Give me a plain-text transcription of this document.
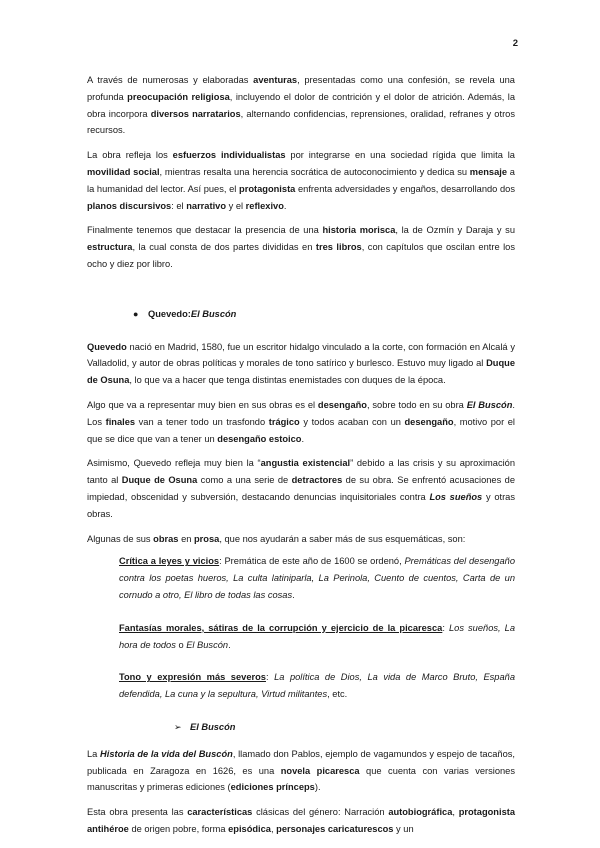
2

A través de numerosas y elaboradas aventuras, presentadas como una confesión, se revela una profunda preocupación religiosa, incluyendo el dolor de contrición y el dolor de atrición. Además, la obra incorpora diversos narratarios, alternando confidencias, reprensiones, oralidad, refranes y otros recursos.

La obra refleja los esfuerzos individualistas por integrarse en una sociedad rígida que limita la movilidad social, mientras resalta una herencia socrática de autoconocimiento y dedica su mensaje a la humanidad del lector. Así pues, el protagonista enfrenta adversidades y engaños, desarrollando dos planos discursivos: el narrativo y el reflexivo.

Finalmente tenemos que destacar la presencia de una historia morisca, la de Ozmín y Daraja y su estructura, la cual consta de dos partes divididas en tres libros, con capítulos que oscilan entre los ocho y diez por libro.

●	Quevedo: El Buscón

Quevedo nació en Madrid, 1580, fue un escritor hidalgo vinculado a la corte, con formación en Alcalá y Valladolid, y autor de obras políticas y morales de tono satírico y burlesco. Estuvo muy ligado al Duque de Osuna, lo que va a hacer que tenga distintas enemistades con duques de la época.

Algo que va a representar muy bien en sus obras es el desengaño, sobre todo en su obra El Buscón. Los finales van a tener todo un trasfondo trágico y todos acaban con un desengaño, motivo por el que se dice que van a tener un desengaño estoico.

Asimismo, Quevedo refleja muy bien la “angustia existencial” debido a las crisis y su aproximación tanto al Duque de Osuna como a una serie de detractores de su obra. Se enfrentó acusaciones de impiedad, obscenidad y subversión, destacando denuncias inquisitoriales contra Los sueños y otras obras.

Algunas de sus obras en prosa, que nos ayudarán a saber más de sus esquemáticas, son:

Crítica a leyes y vicios: Premática de este año de 1600 se ordenó, Premáticas del desengaño contra los poetas hueros, La culta latiniparla, La Perinola, Cuento de cuentos, Carta de un cornudo a otro, El libro de todas las cosas.

Fantasías morales, sátiras de la corrupción y ejercicio de la picaresca: Los sueños, La hora de todos o El Buscón.

Tono y expresión más severos: La política de Dios, La vida de Marco Bruto, España defendida, La cuna y la sepultura, Virtud militantes, etc.

➢ El Buscón

La Historia de la vida del Buscón, llamado don Pablos, ejemplo de vagamundos y espejo de tacaños, publicada en Zaragoza en 1626, es una novela picaresca que cuenta con varias versiones manuscritas y primeras ediciones (ediciones prínceps).

Esta obra presenta las características clásicas del género: Narración autobiográfica, protagonista antihéroe de origen pobre, forma episódica, personajes caricaturescos y un
